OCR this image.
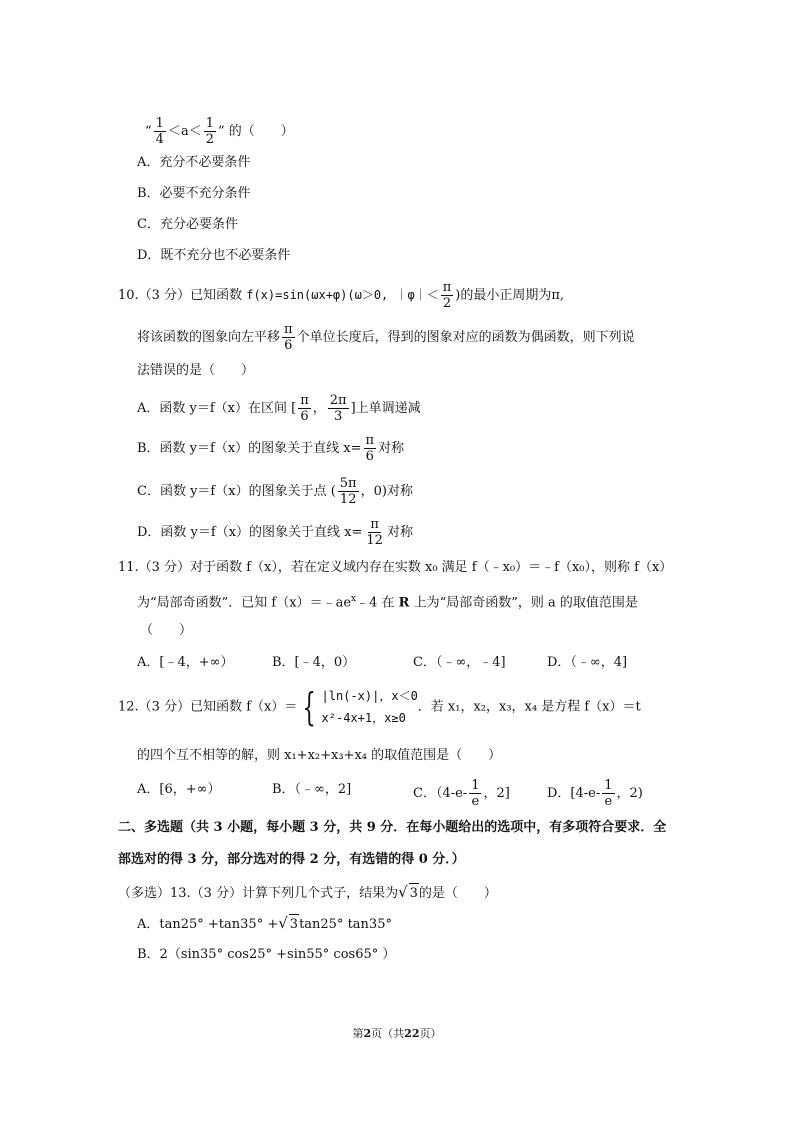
“ $\frac{1}{4} <a< \frac{1}{2}$ ” 的（　　）
A．充分不必要条件
B．必要不充分条件
C．充分必要条件
D．既不充分也不必要条件
10.（3 分）已知函数 f(x)=sin(ωx+φ)(ω＞0, ｜φ｜＜ $\frac{\pi}{2}$ )的最小正周期为π,
将该函数的图象向左平移 $\frac{\pi}{6}$ 个单位长度后，得到的图象对应的函数为偶函数，则下列说
法错误的是（　　）
A．函数 y＝f（x）在区间 [ $\frac{\pi}{6}$ ， $\frac{2\pi}{3}$ ]上单调递减
B．函数 y＝f（x）的图象关于直线 $x= \frac{\pi}{6}$ 对称
C．函数 y＝f（x）的图象关于点 ( $\frac{5\pi}{12}$ ，0)对称
D．函数 y＝f（x）的图象关于直线 $x= \frac{\pi}{12}$ 对称
11.（3 分）对于函数 f（x），若在定义域内存在实数 x₀ 满足 f（﹣x₀）＝﹣f（x₀），则称 f（x）
为“局部奇函数”．已知 $f(x)=﹣ae^x﹣4$ 在 R 上为“局部奇函数”，则 a 的取值范围是
（　　）
A．[﹣4，+∞）	B．[﹣4，0）	C．（﹣∞，﹣4]	D．（﹣∞，4]
12.（3 分）已知函数 f（x）＝ { |ln(-x)|，x＜0
x²-4x+1，x≥0
．若 x₁，x₂，x₃，x₄ 是方程 f（x）＝t
的四个互不相等的解，则 x₁+x₂+x₃+x₄ 的取值范围是（　　）
A．[6，+∞）	B．（﹣∞，2]	C．（$4-e- \frac{1}{e}$ ，2]	D．[$4-e- \frac{1}{e}$ ，2)
二、多选题（共 3 小题，每小题 3 分，共 9 分．在每小题给出的选项中，有多项符合要求．全
部选对的得 3 分，部分选对的得 2 分，有选错的得 0 分．）
（多选）13.（3 分）计算下列几个式子，结果为√ 3的是（　　）
A．tan25° +tan35° +√ 3tan25° tan35°
B．2（sin35° cos25° +sin55° cos65° ）
第2页（共22页）
